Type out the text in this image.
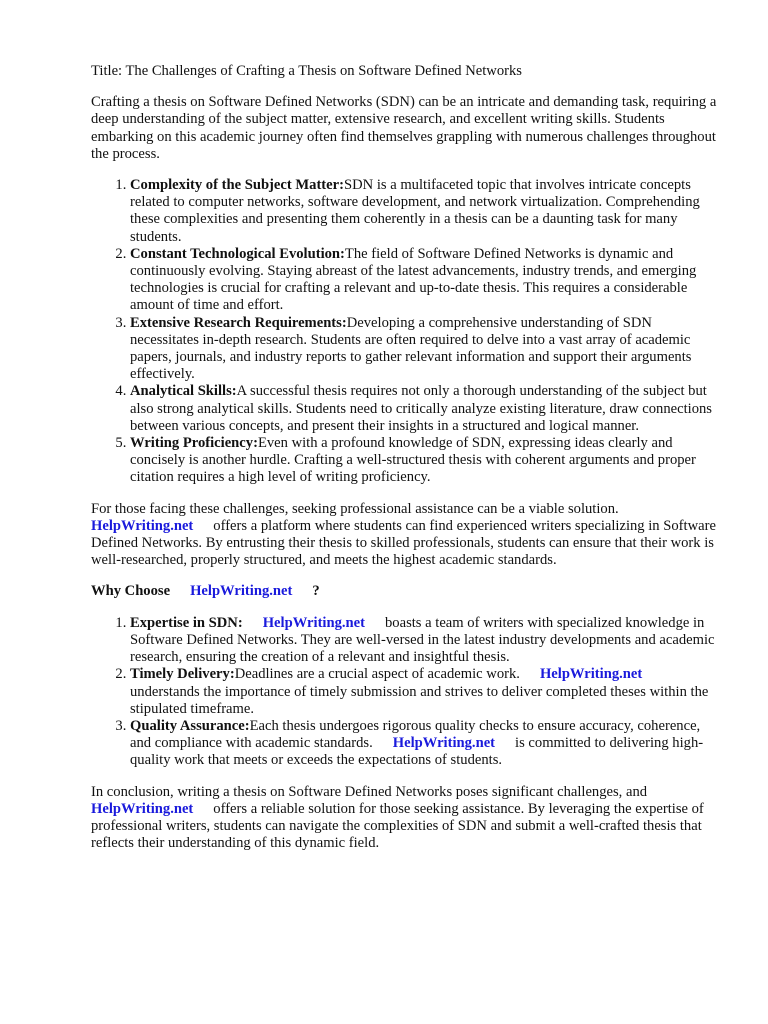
Title: The Challenges of Crafting a Thesis on Software Defined Networks

Crafting a thesis on Software Defined Networks (SDN) can be an intricate and demanding task, requiring a deep understanding of the subject matter, extensive research, and excellent writing skills. Students embarking on this academic journey often find themselves grappling with numerous challenges throughout the process.

1. Complexity of the Subject Matter:SDN is a multifaceted topic that involves intricate concepts related to computer networks, software development, and network virtualization. Comprehending these complexities and presenting them coherently in a thesis can be a daunting task for many students.
2. Constant Technological Evolution:The field of Software Defined Networks is dynamic and continuously evolving. Staying abreast of the latest advancements, industry trends, and emerging technologies is crucial for crafting a relevant and up-to-date thesis. This requires a considerable amount of time and effort.
3. Extensive Research Requirements:Developing a comprehensive understanding of SDN necessitates in-depth research. Students are often required to delve into a vast array of academic papers, journals, and industry reports to gather relevant information and support their arguments effectively.
4. Analytical Skills:A successful thesis requires not only a thorough understanding of the subject but also strong analytical skills. Students need to critically analyze existing literature, draw connections between various concepts, and present their insights in a structured and logical manner.
5. Writing Proficiency:Even with a profound knowledge of SDN, expressing ideas clearly and concisely is another hurdle. Crafting a well-structured thesis with coherent arguments and proper citation requires a high level of writing proficiency.

For those facing these challenges, seeking professional assistance can be a viable solution.
HelpWriting.net offers a platform where students can find experienced writers specializing in Software Defined Networks. By entrusting their thesis to skilled professionals, students can ensure that their work is well-researched, properly structured, and meets the highest academic standards.

Why Choose HelpWriting.net ?

1. Expertise in SDN: HelpWriting.net boasts a team of writers with specialized knowledge in Software Defined Networks. They are well-versed in the latest industry developments and academic research, ensuring the creation of a relevant and insightful thesis.
2. Timely Delivery:Deadlines are a crucial aspect of academic work. HelpWriting.net
understands the importance of timely submission and strives to deliver completed theses within the stipulated timeframe.
3. Quality Assurance:Each thesis undergoes rigorous quality checks to ensure accuracy, coherence, and compliance with academic standards. HelpWriting.net is committed to delivering high-quality work that meets or exceeds the expectations of students.

In conclusion, writing a thesis on Software Defined Networks poses significant challenges, and
HelpWriting.net offers a reliable solution for those seeking assistance. By leveraging the expertise of professional writers, students can navigate the complexities of SDN and submit a well-crafted thesis that reflects their understanding of this dynamic field.
